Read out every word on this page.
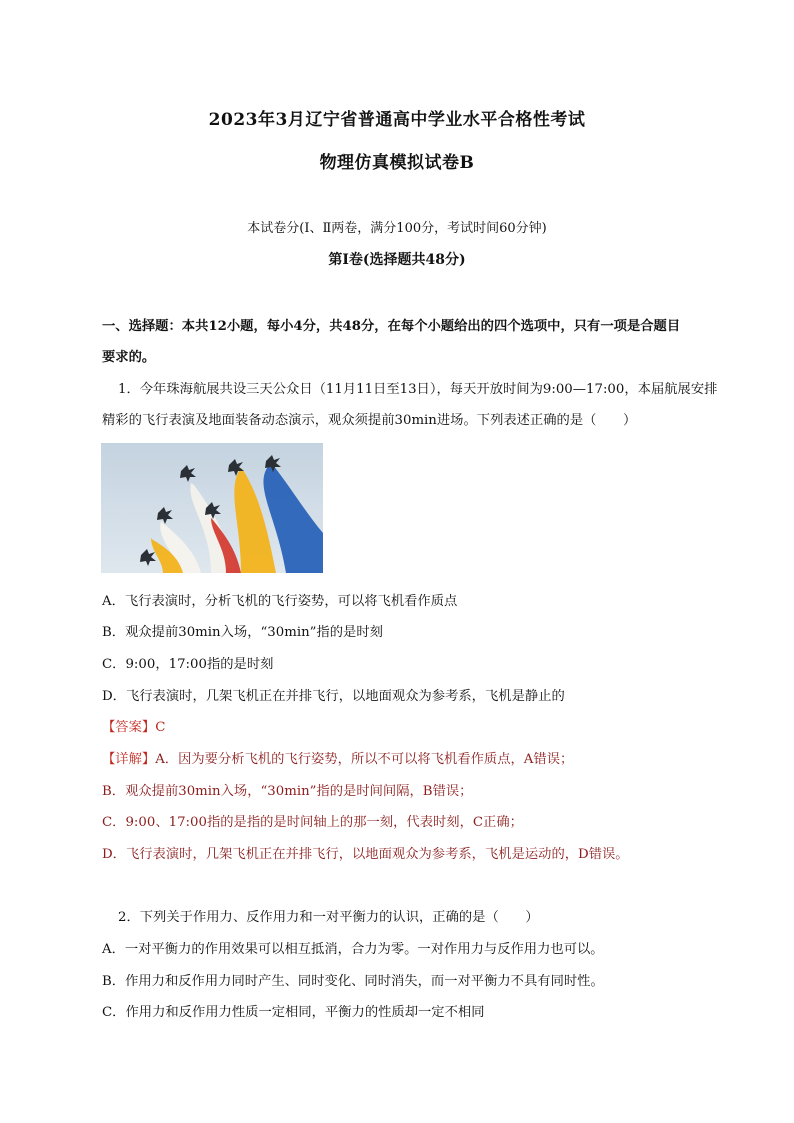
2023年3月辽宁省普通高中学业水平合格性考试
物理仿真模拟试卷B
本试卷分(Ⅰ、Ⅱ两卷，满分100分，考试时间60分钟)
第Ⅰ卷(选择题共48分)
一、选择题：本共12小题，每小4分，共48分，在每个小题给出的四个选项中，只有一项是合题目
要求的。
1．今年珠海航展共设三天公众日（11月11日至13日），每天开放时间为9:00—17:00，本届航展安排
精彩的飞行表演及地面装备动态演示，观众须提前30min进场。下列表述正确的是（　　）
A．飞行表演时，分析飞机的飞行姿势，可以将飞机看作质点
B．观众提前30min入场，“30min”指的是时刻
C．9:00，17:00指的是时刻
D．飞行表演时，几架飞机正在并排飞行，以地面观众为参考系，飞机是静止的
【答案】C
【详解】A．因为要分析飞机的飞行姿势，所以不可以将飞机看作质点，A错误；
B．观众提前30min入场，“30min”指的是时间间隔，B错误；
C．9:00、17:00指的是指的是时间轴上的那一刻，代表时刻，C正确；
D．飞行表演时，几架飞机正在并排飞行，以地面观众为参考系，飞机是运动的，D错误。
2．下列关于作用力、反作用力和一对平衡力的认识，正确的是（　　）
A．一对平衡力的作用效果可以相互抵消，合力为零。一对作用力与反作用力也可以。
B．作用力和反作用力同时产生、同时变化、同时消失，而一对平衡力不具有同时性。
C．作用力和反作用力性质一定相同，平衡力的性质却一定不相同
